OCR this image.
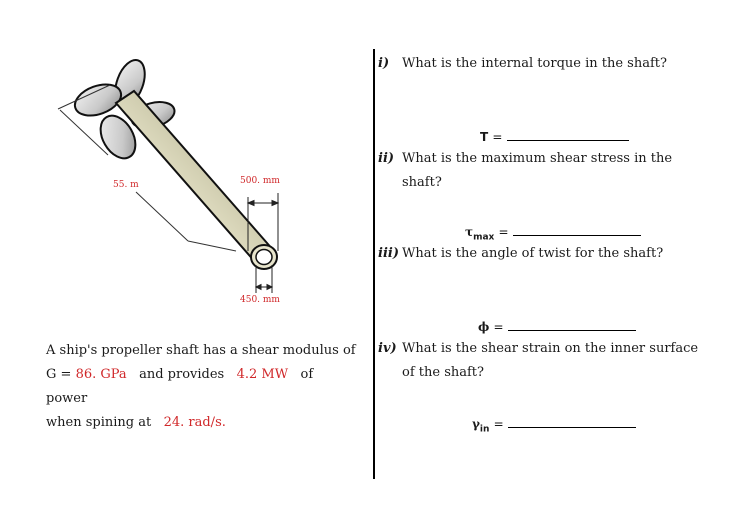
55. m	500. mm
450. mm
A ship's propeller shaft has a shear modulus of
G = 86. GPa and provides 4.2 MW of power
when spining at 24. rad/s.
i) What is the internal torque in the shaft?
T =
ii) What is the maximum shear stress in the
shaft?
$\tau_{max}$ =
iii) What is the angle of twist for the shaft?
ϕ =
iv) What is the shear strain on the inner surface
of the shaft?
$\gamma_{in}$ =
